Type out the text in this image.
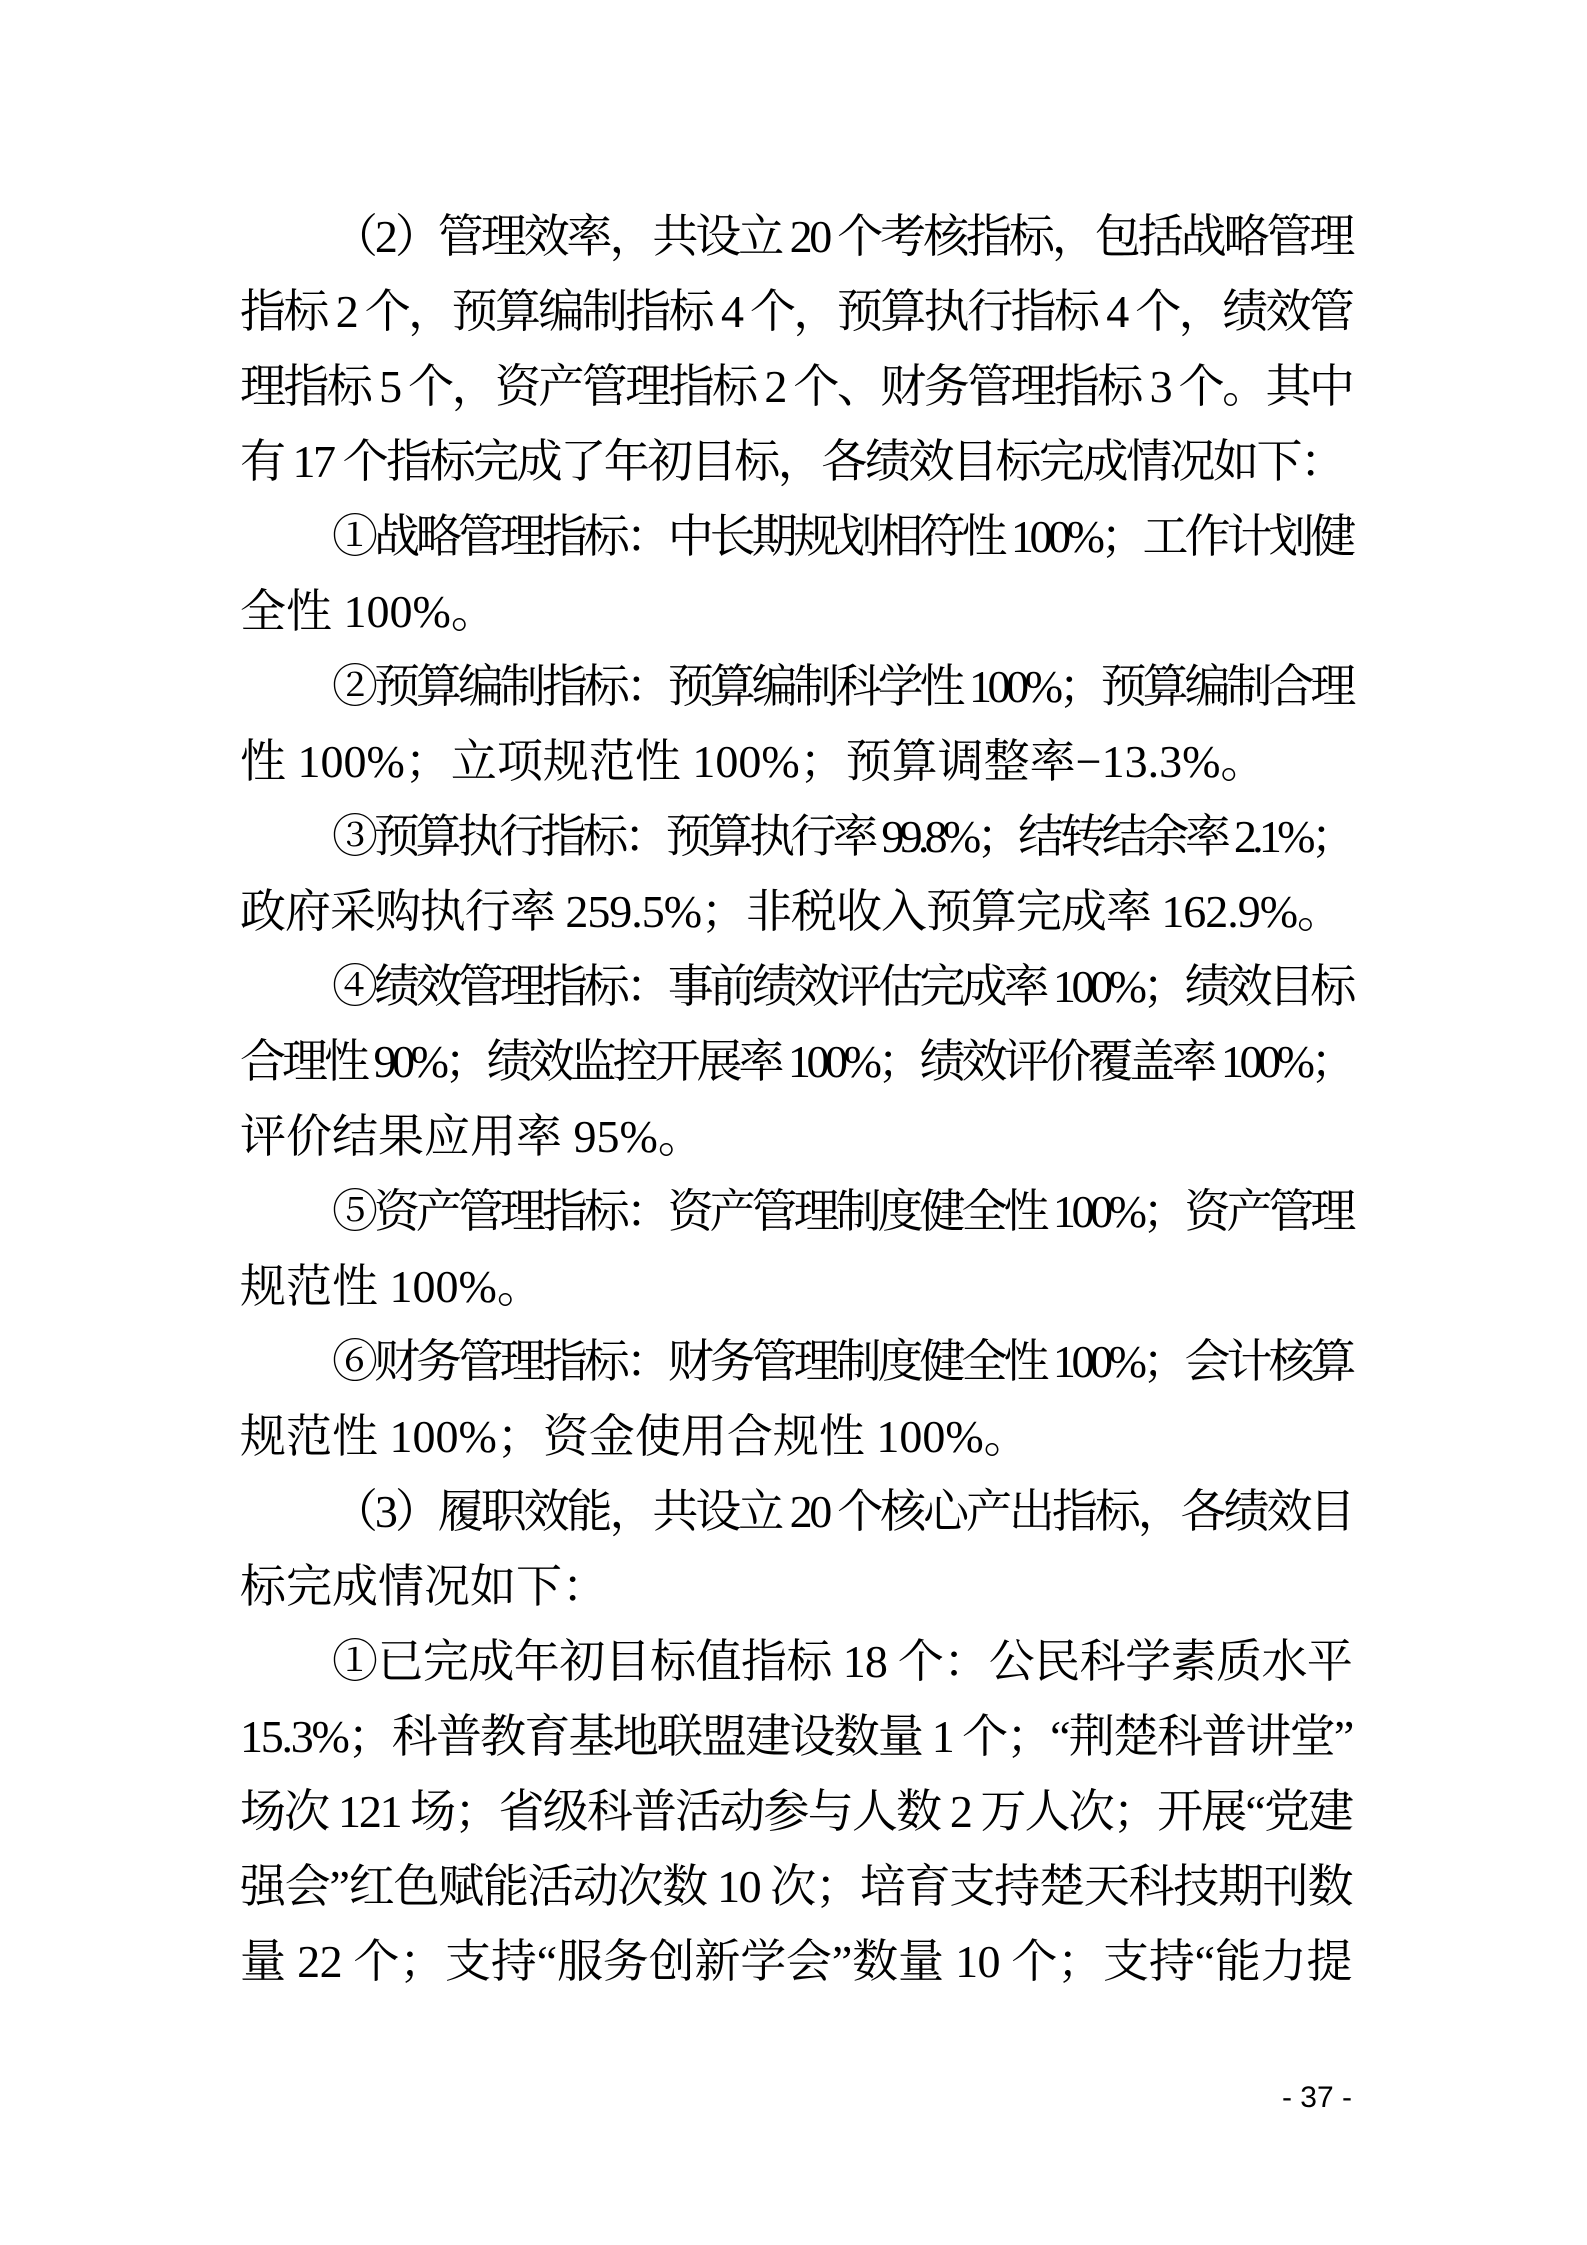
（2）管理效率，共设立 20 个考核指标，包括战略管理
指标 2 个，预算编制指标 4 个，预算执行指标 4 个，绩效管
理指标 5 个，资产管理指标 2 个、财务管理指标 3 个。其中
有 17 个指标完成了年初目标，各绩效目标完成情况如下：
①战略管理指标：中长期规划相符性 100%；工作计划健
全性 100%。
②预算编制指标：预算编制科学性 100%；预算编制合理
性 100%；立项规范性 100%；预算调整率−13.3%。
③预算执行指标：预算执行率 99.8%；结转结余率 2.1%；
政府采购执行率 259.5%；非税收入预算完成率 162.9%。
④绩效管理指标：事前绩效评估完成率 100%；绩效目标
合理性 90%；绩效监控开展率 100%；绩效评价覆盖率 100%；
评价结果应用率 95%。
⑤资产管理指标：资产管理制度健全性 100%；资产管理
规范性 100%。
⑥财务管理指标：财务管理制度健全性 100%；会计核算
规范性 100%；资金使用合规性 100%。
（3）履职效能，共设立 20 个核心产出指标，各绩效目
标完成情况如下：
①已完成年初目标值指标 18 个：公民科学素质水平
15.3%；科普教育基地联盟建设数量 1 个；“荆楚科普讲堂”
场次 121 场；省级科普活动参与人数 2 万人次；开展“党建
强会”红色赋能活动次数 10 次；培育支持楚天科技期刊数
量 22 个；支持“服务创新学会”数量 10 个；支持“能力提
- 37 -
